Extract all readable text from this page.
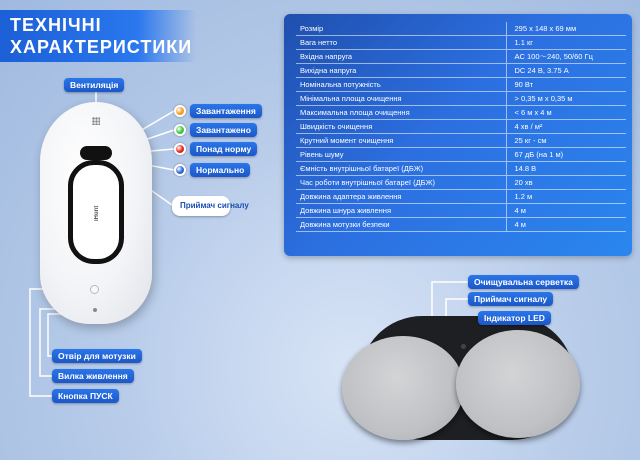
ТЕХНІЧНІ
ХАРАКТЕРИСТИКИ
Розмір	295 х 148 х 69 мм
Вага нетто	1.1 кг
Вхідна напруга	AC 100～240, 50/60 Гц
Вихідна напруга	DC 24 В, 3.75 А
Номінальна потужність	90 Вт
Мінімальна площа очищення	> 0,35 м х 0,35 м
Максимальна площа очищення	< 6 м х 4 м
Швидкість очищення	4 хв / м²
Крутний момент очищення	25 кг - см
Рівень шуму	67 дБ (на 1 м)
Ємність внутрішньої батареї (ДБЖ)	14.8 В
Час роботи внутрішньої батареї (ДБЖ)	20 хв
Довжина адаптера живлення	1.2 м
Довжина шнура живлення	4 м
Довжина мотузки безпеки	4 м
iHunt
Вентиляція
Завантаження
Завантажено
Понад норму
Нормально
Приймач сигналу
Отвір для мотузки
Вилка живлення
Кнопка ПУСК
Очищувальна серветка
Приймач сигналу
Індикатор LED
